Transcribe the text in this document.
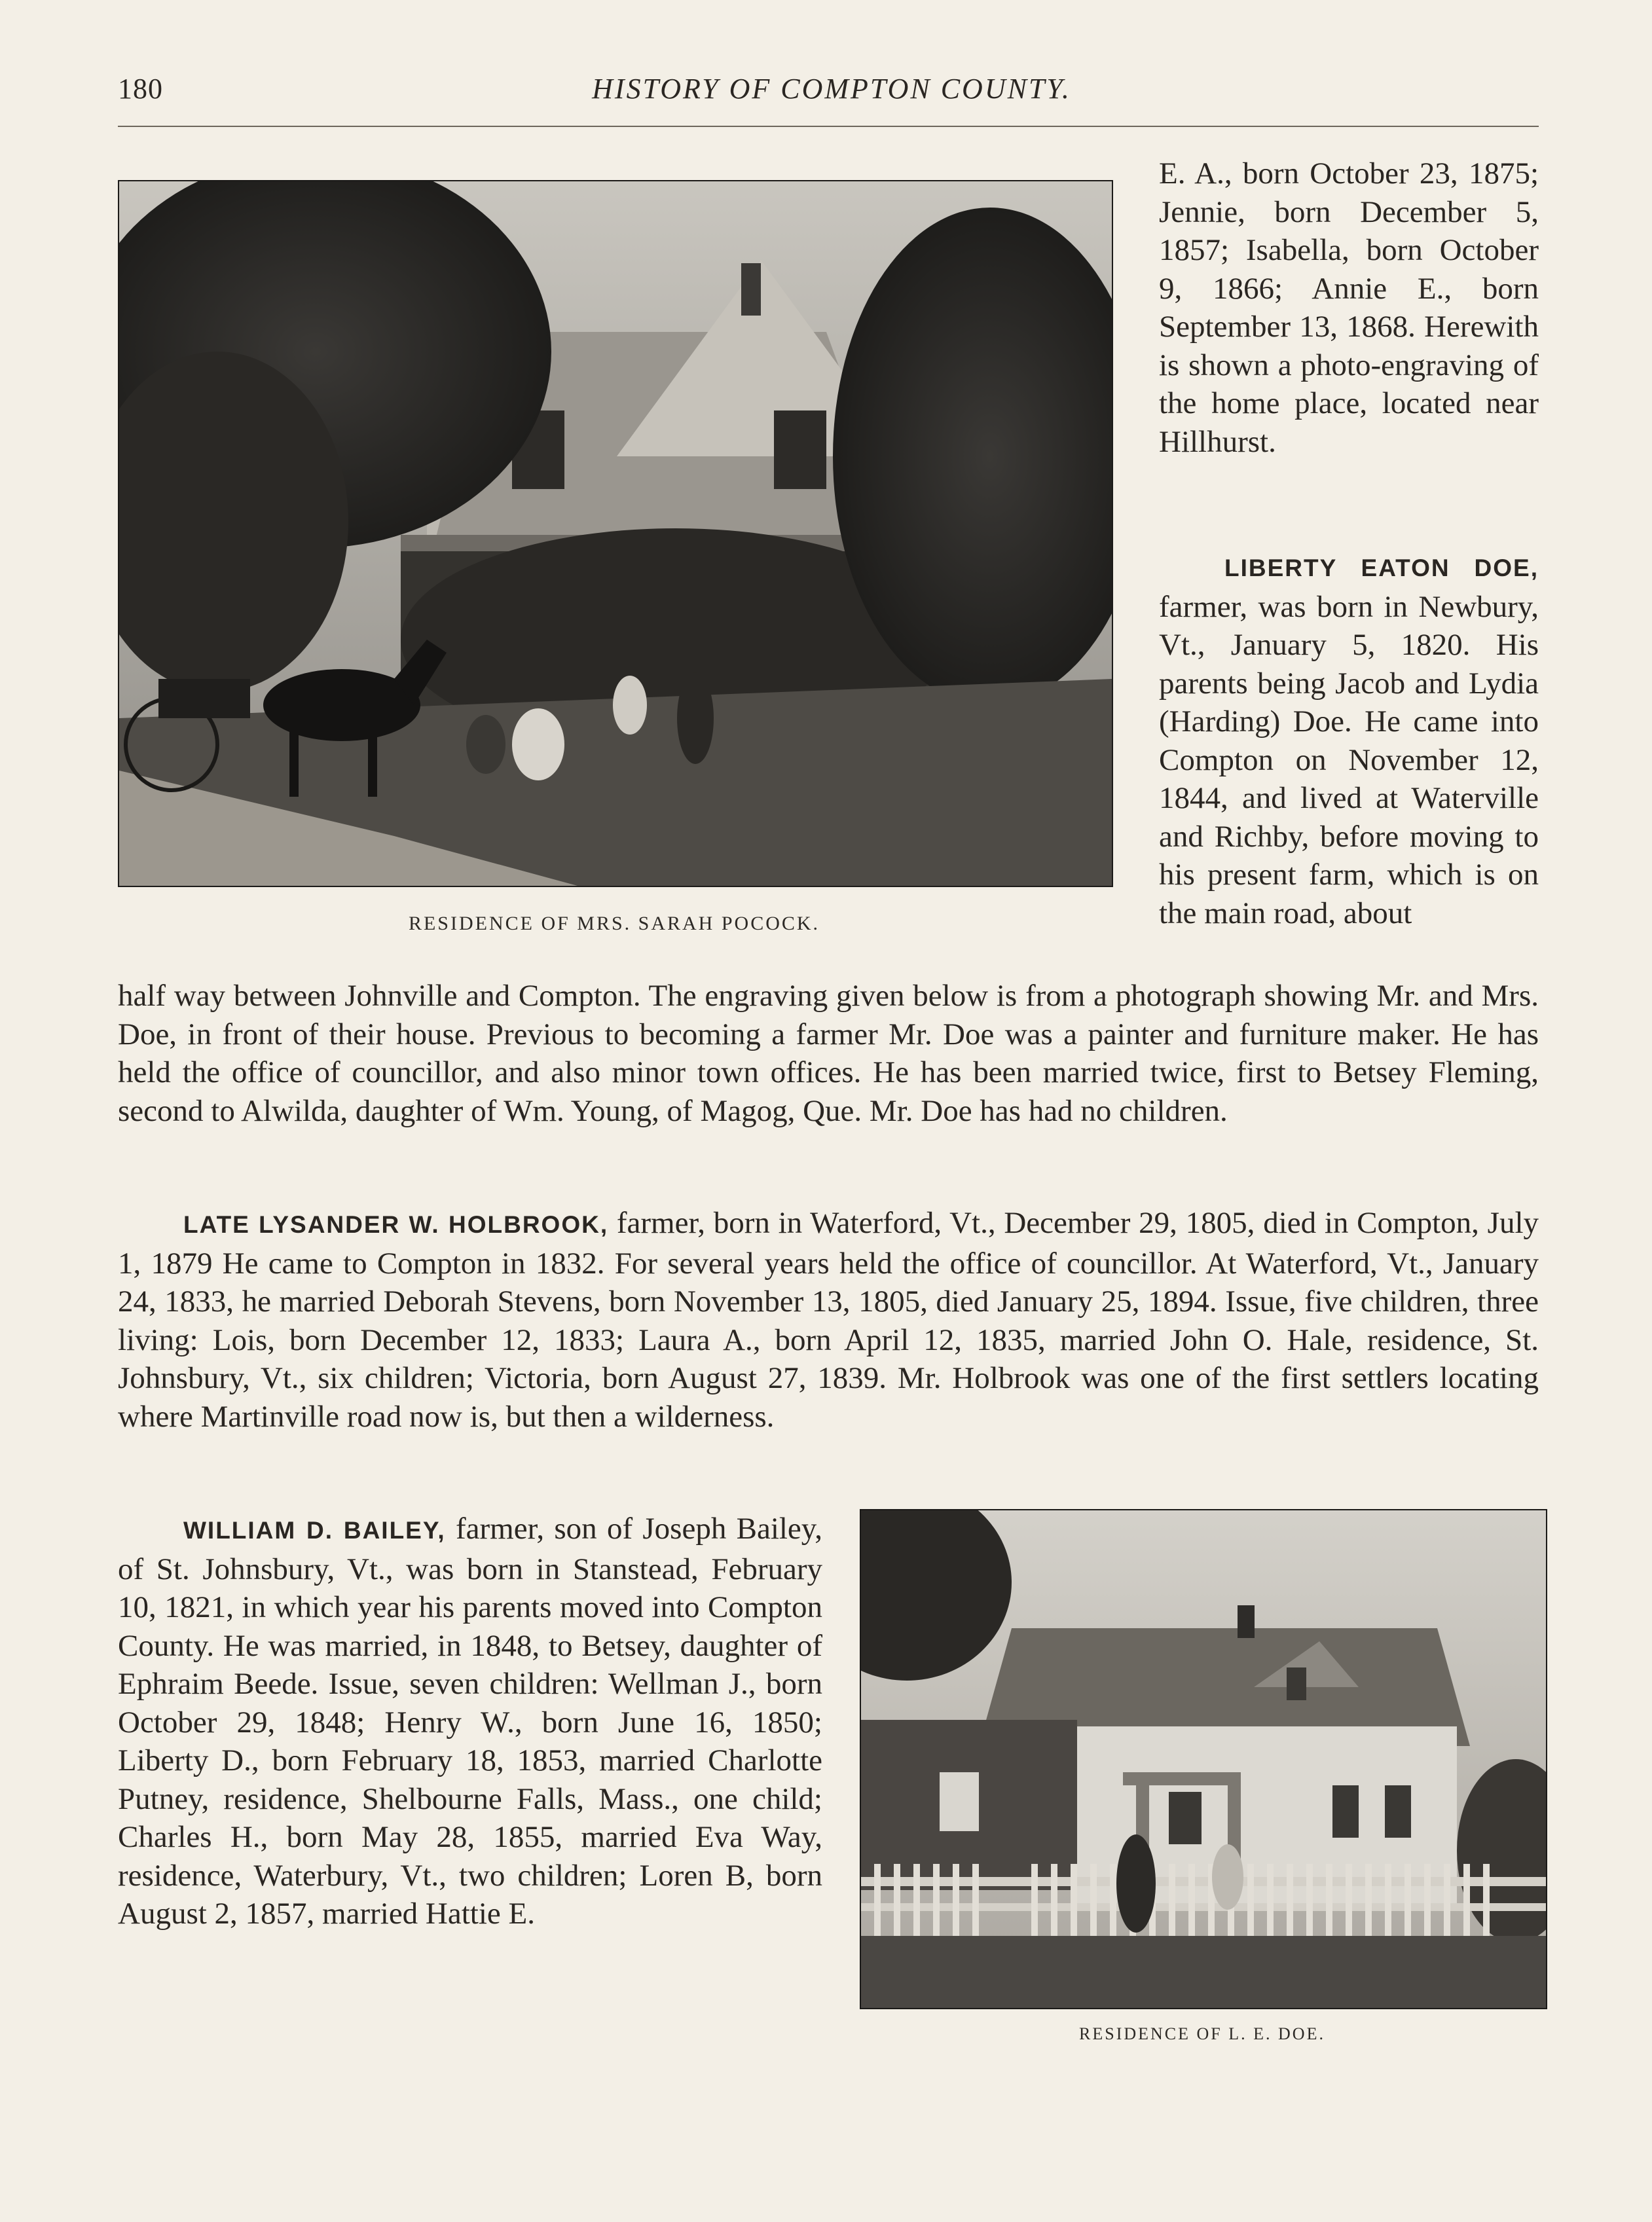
180	HISTORY OF COMPTON COUNTY.
RESIDENCE OF MRS. SARAH POCOCK.

E. A., born October 23, 1875; Jennie, born December 5, 1857; Isabella, born October 9, 1866; Annie E., born September 13, 1868. Herewith is shown a photo-engraving of the home place, located near Hillhurst.

LIBERTY EATON DOE, farmer, was born in Newbury, Vt., January 5, 1820. His parents being Jacob and Lydia (Harding) Doe. He came into Compton on November 12, 1844, and lived at Waterville and Richby, before moving to his present farm, which is on the main road, about

half way between Johnville and Compton. The engraving given below is from a photograph showing Mr. and Mrs. Doe, in front of their house. Previous to becoming a farmer Mr. Doe was a painter and furniture maker. He has held the office of councillor, and also minor town offices. He has been married twice, first to Betsey Fleming, second to Alwilda, daughter of Wm. Young, of Magog, Que. Mr. Doe has had no children.

LATE LYSANDER W. HOLBROOK, farmer, born in Waterford, Vt., December 29, 1805, died in Compton, July 1, 1879 He came to Compton in 1832. For several years held the office of councillor. At Waterford, Vt., January 24, 1833, he married Deborah Stevens, born November 13, 1805, died January 25, 1894. Issue, five children, three living: Lois, born December 12, 1833; Laura A., born April 12, 1835, married John O. Hale, residence, St. Johnsbury, Vt., six children; Victoria, born August 27, 1839. Mr. Holbrook was one of the first settlers locating where Martinville road now is, but then a wilderness.

WILLIAM D. BAILEY, farmer, son of Joseph Bailey, of St. Johnsbury, Vt., was born in Stanstead, February 10, 1821, in which year his parents moved into Compton County. He was married, in 1848, to Betsey, daughter of Ephraim Beede. Issue, seven children: Wellman J., born October 29, 1848; Henry W., born June 16, 1850; Liberty D., born February 18, 1853, married Charlotte Putney, residence, Shelbourne Falls, Mass., one child; Charles H., born May 28, 1855, married Eva Way, residence, Waterbury, Vt., two children; Loren B, born August 2, 1857, married Hattie E.

RESIDENCE OF L. E. DOE.
